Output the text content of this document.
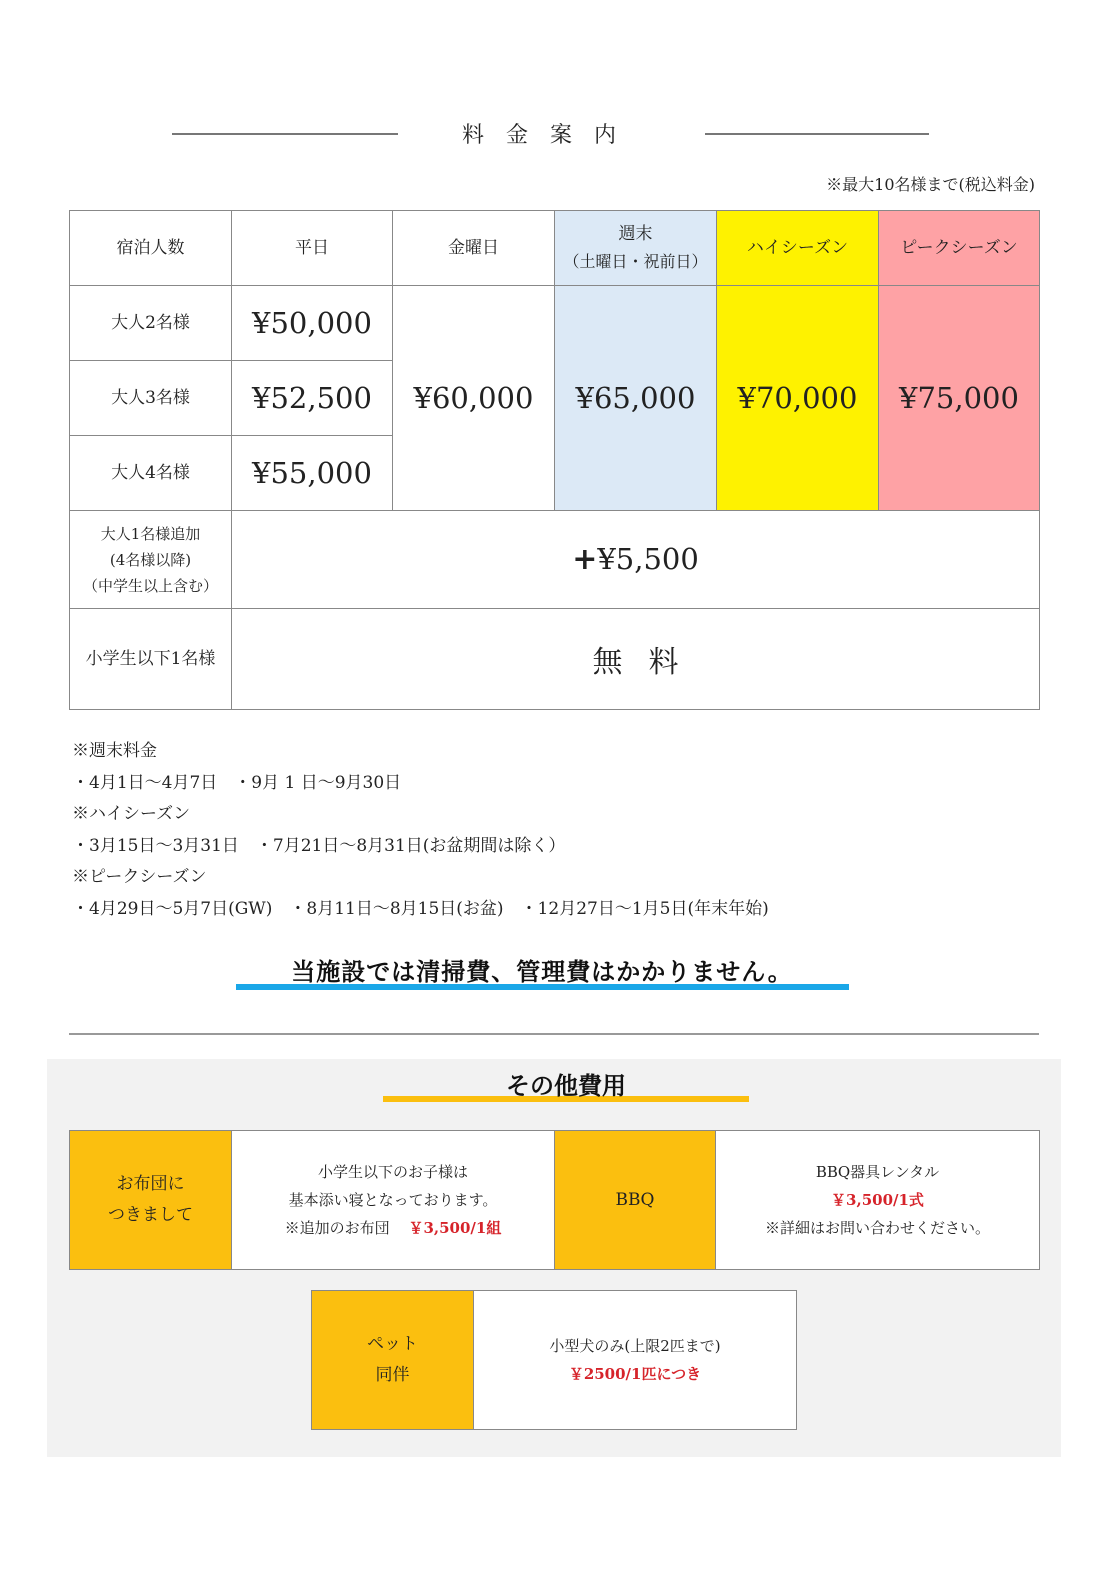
料金案内
※最大10名様まで(税込料金)
宿泊人数	平日	金曜日	週末
（土曜日・祝前日）	ハイシーズン	ピークシーズン
大人2名様	¥50,000	¥60,000	¥65,000	¥70,000	¥75,000
大人3名様	¥52,500				
大人4名様	¥55,000				

大人1名様追加
(4名様以降)
（中学生以上含む）	+¥5,500				
小学生以下1名様	無料				
※週末料金
・4月1日〜4月7日　・9月 1 日〜9月30日
※ハイシーズン
・3月15日〜3月31日　・7月21日〜8月31日(お盆期間は除く）
※ピークシーズン
・4月29日〜5月7日(GW)　・8月11日〜8月15日(お盆)　・12月27日〜1月5日(年末年始)
当施設では清掃費、管理費はかかりません。
その他費用
お布団に
つきまして

小学生以下のお子様は
基本添い寝となっております。
※追加のお布団 ￥3,500/1組
	BBQ	
BBQ器具レンタル
￥3,500/1式
※詳細はお問い合わせください。
ペット
同伴

小型犬のみ(上限2匹まで)
￥2500/1匹につき
